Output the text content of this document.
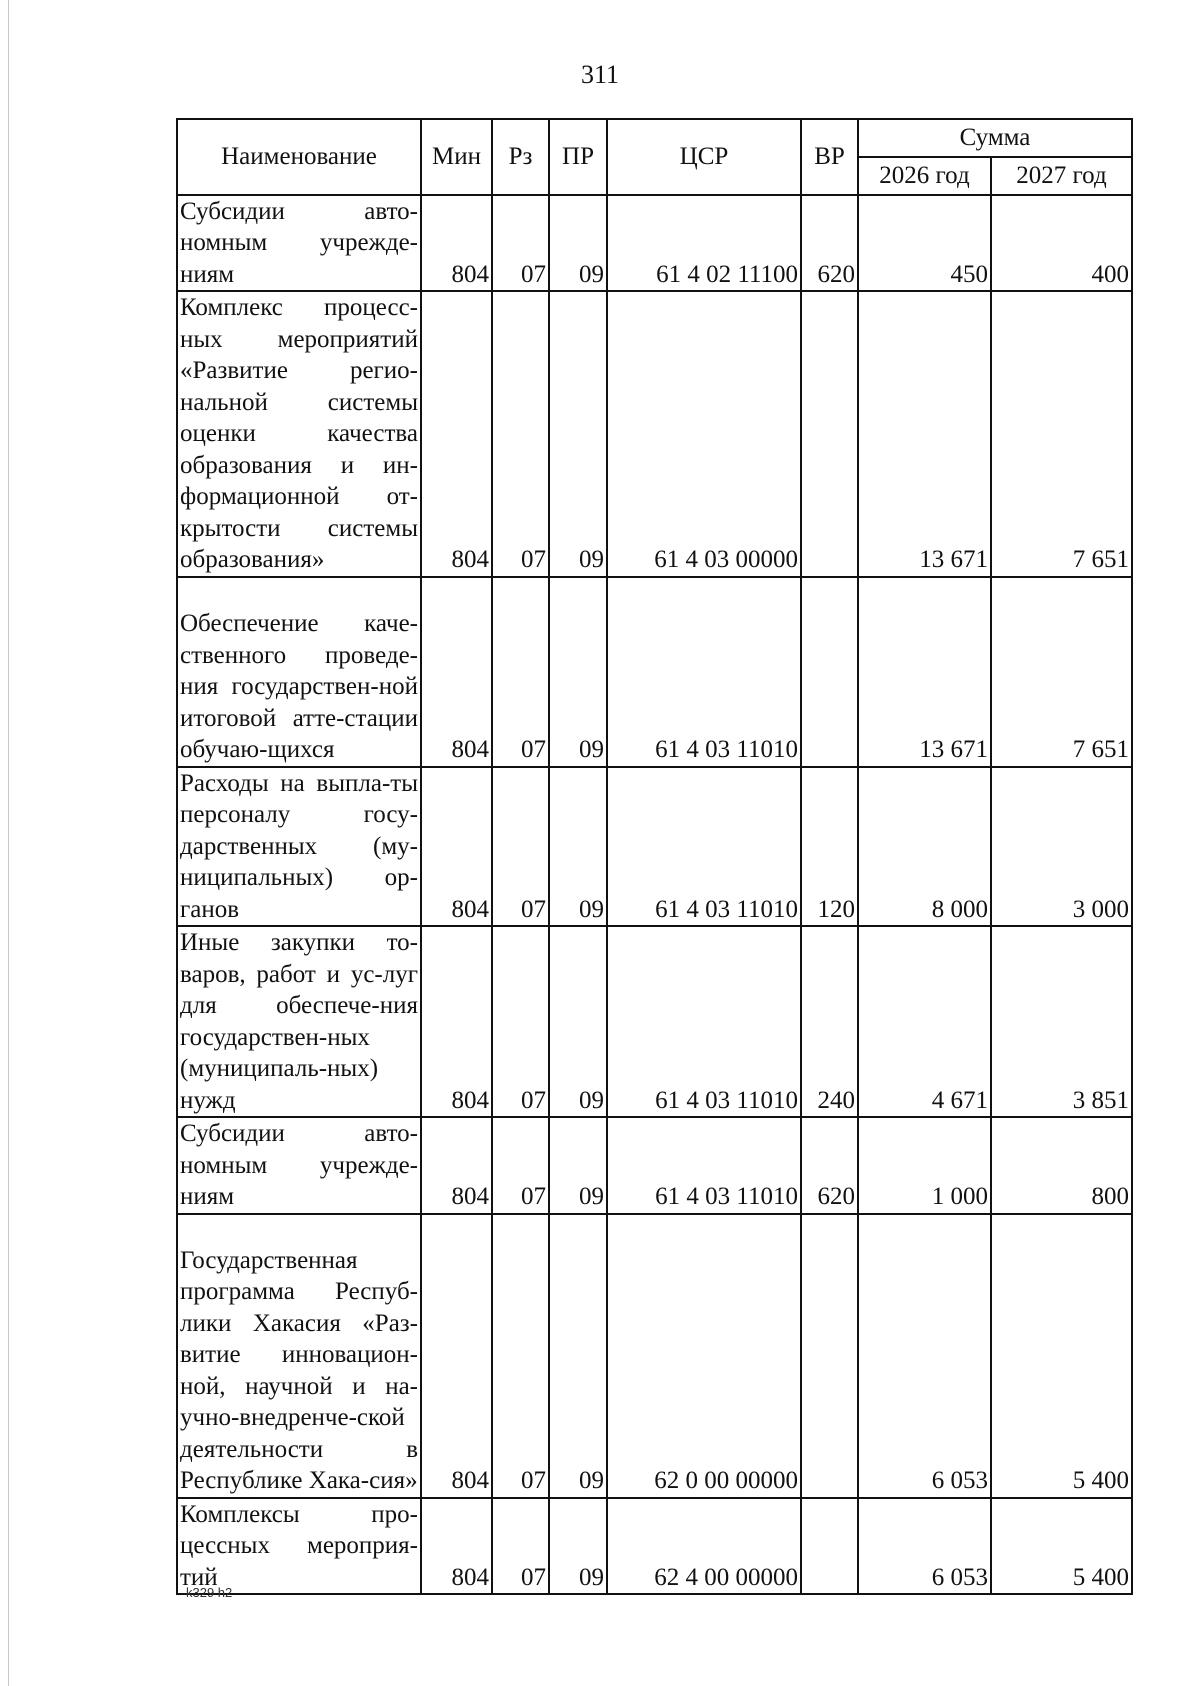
311
Наименование	Мин	Рз	ПР	ЦСР	ВР	Сумма	
						2026 год	2027 год
Субсидии авто-номным учрежде-ниям	804	07	09	61 4 02 11100	620	450	400
Комплекс процесс-ных мероприятий «Развитие регио-нальной системы оценки качества образования и ин-формационной от-крытости системы образования»	804	07	09	61 4 03 00000		13 671	7 651
Обеспечение каче-ственного проведе-ния государствен-ной итоговой атте-стации обучаю-щихся	804	07	09	61 4 03 11010		13 671	7 651
Расходы на выпла-ты персоналу госу-дарственных (му-ниципальных) ор-ганов	804	07	09	61 4 03 11010	120	8 000	3 000
Иные закупки то-варов, работ и ус-луг для обеспече-ния государствен-ных (муниципаль-ных) нужд	804	07	09	61 4 03 11010	240	4 671	3 851
Субсидии авто-номным учрежде-ниям	804	07	09	61 4 03 11010	620	1 000	800
Государственная программа Респуб-лики Хакасия «Раз-витие инновацион-ной, научной и на-учно-внедренче-ской деятельности в Республике Хака-сия»	804	07	09	62 0 00 00000		6 053	5 400
Комплексы про-цессных мероприя-тий	804	07	09	62 4 00 00000		6 053	5 400
k329 h2
